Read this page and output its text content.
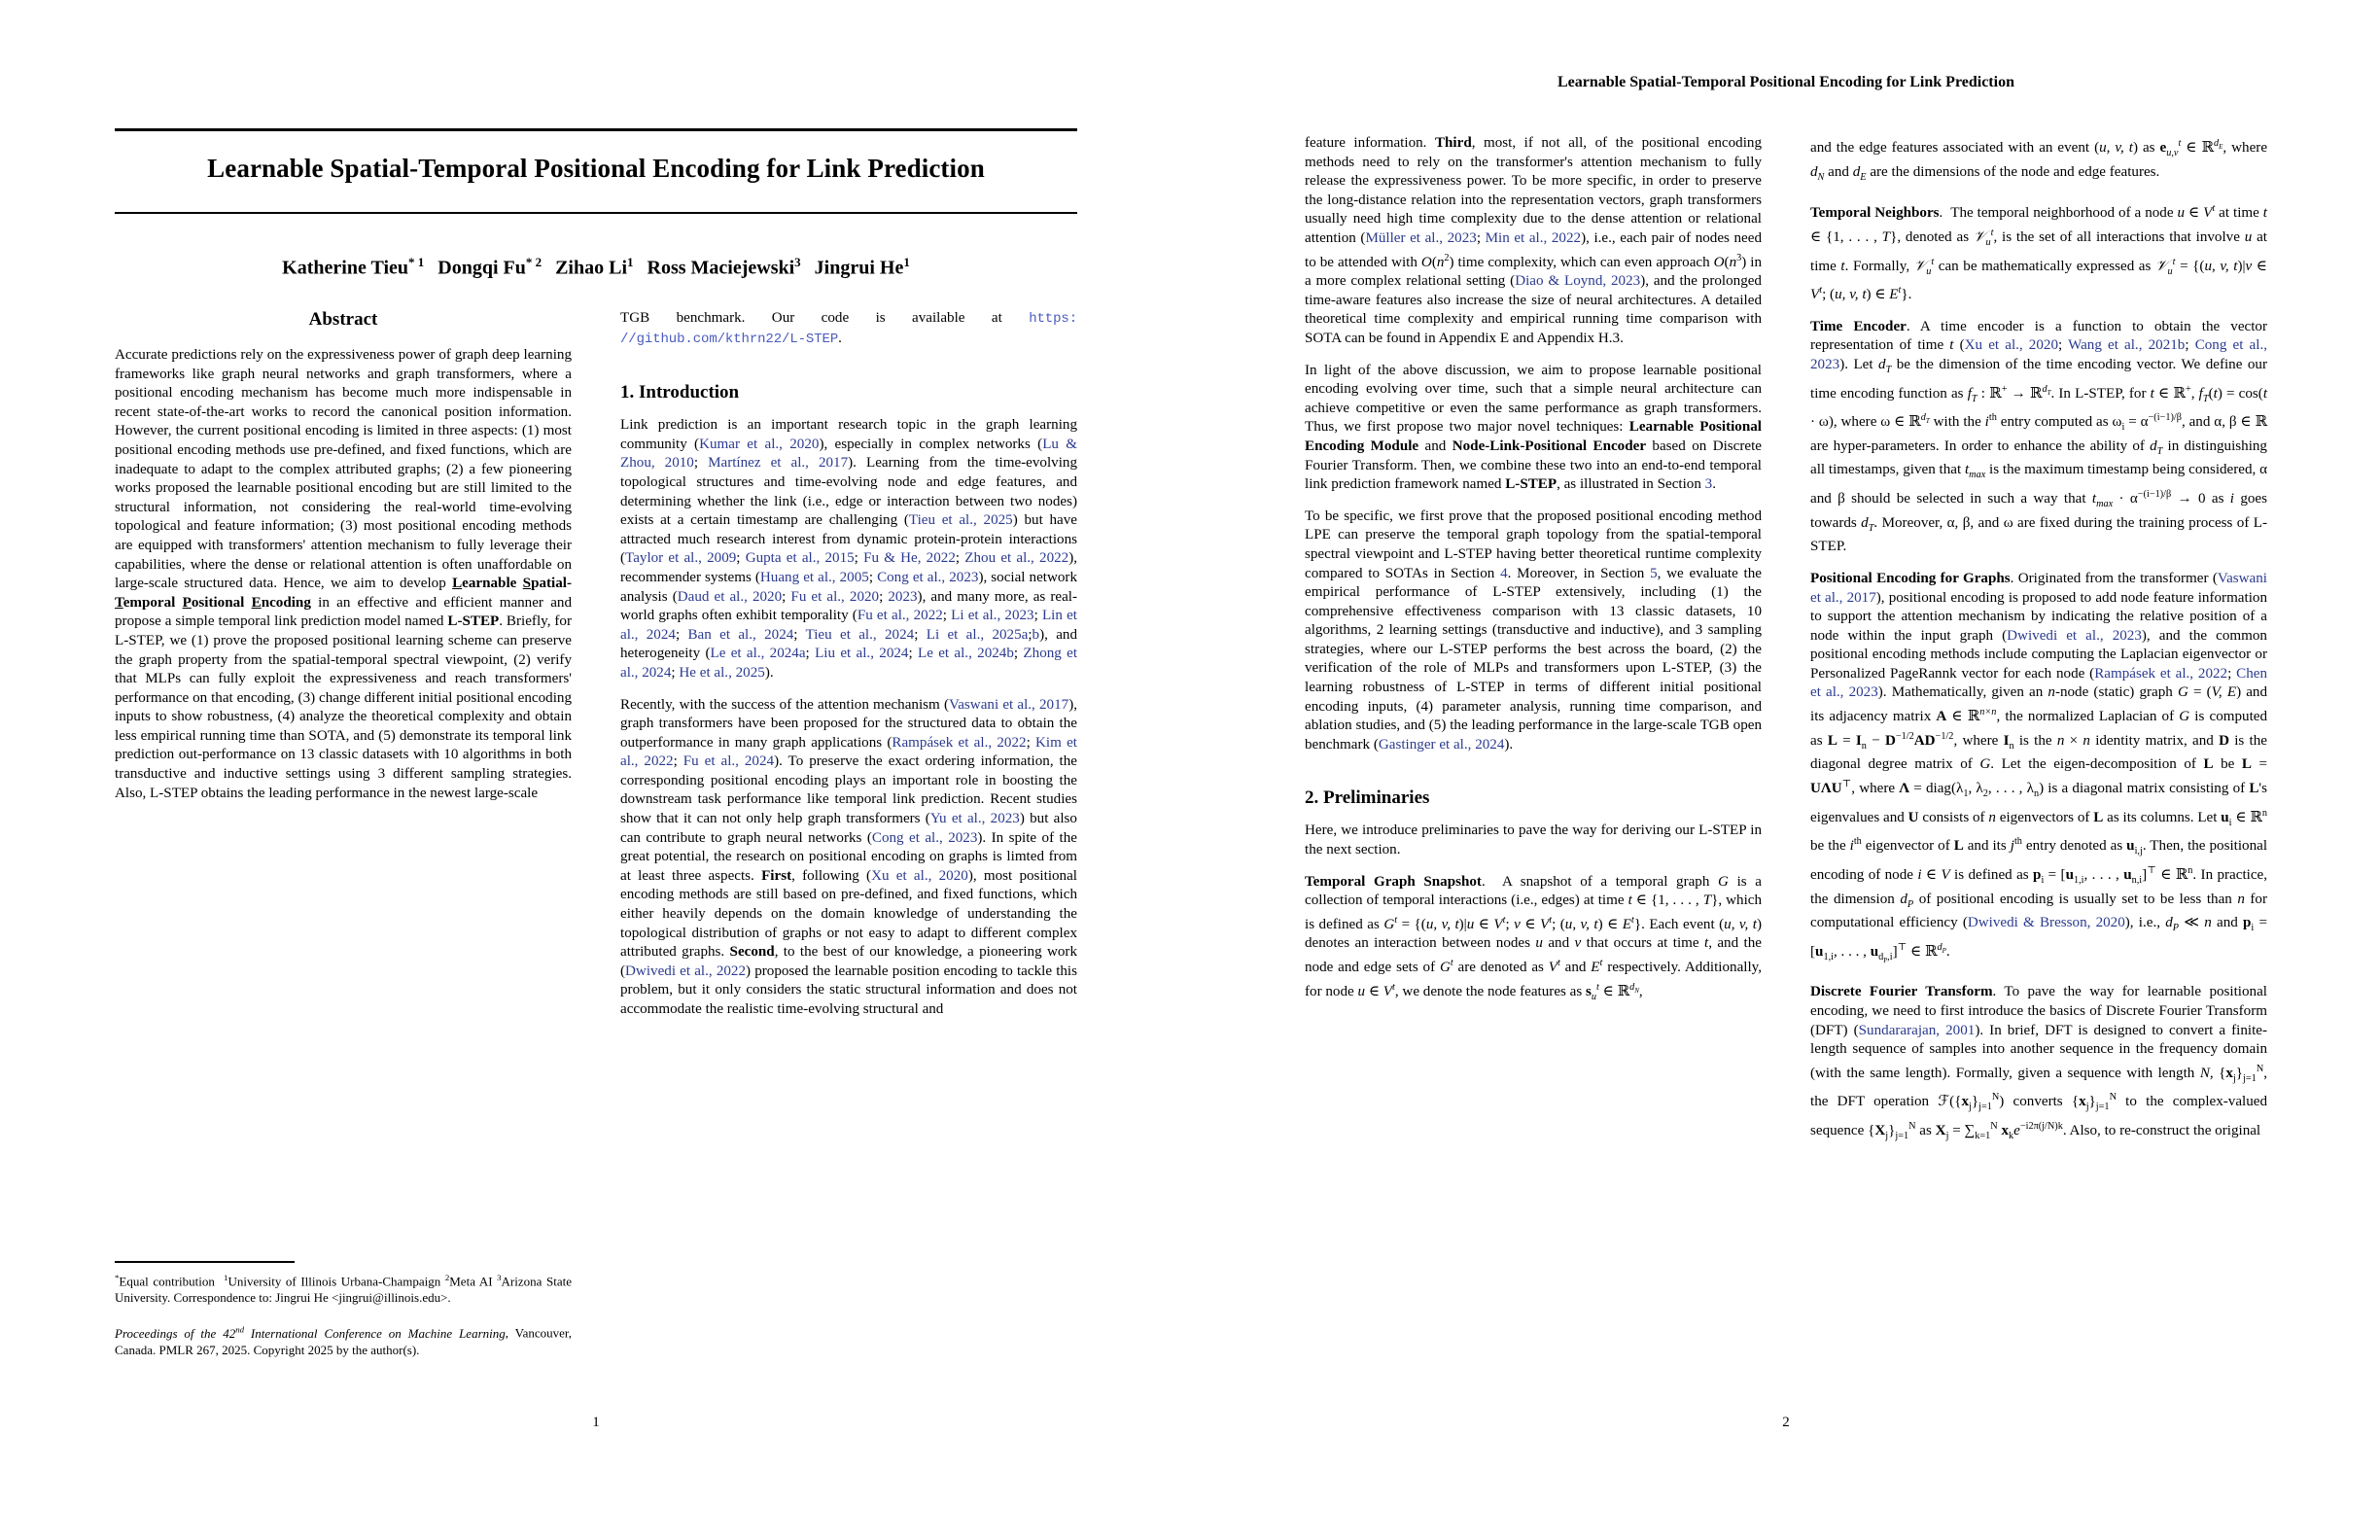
Learnable Spatial-Temporal Positional Encoding for Link Prediction
Katherine Tieu$^{* 1}$ Dongqi Fu$^{* 2}$ Zihao Li$^1$ Ross Maciejewski$^3$ Jingrui He$^1$
Abstract
Accurate predictions rely on the expressiveness power of graph deep learning frameworks like graph neural networks and graph transformers, where a positional encoding mechanism has become much more indispensable in recent state-of-the-art works to record the canonical position information. However, the current positional encoding is limited in three aspects: (1) most positional encoding methods use pre-defined, and fixed functions, which are inadequate to adapt to the complex attributed graphs; (2) a few pioneering works proposed the learnable positional encoding but are still limited to the structural information, not considering the real-world time-evolving topological and feature information; (3) most positional encoding methods are equipped with transformers' attention mechanism to fully leverage their capabilities, where the dense or relational attention is often unaffordable on large-scale structured data. Hence, we aim to develop Learnable Spatial-Temporal Positional Encoding in an effective and efficient manner and propose a simple temporal link prediction model named L-STEP. Briefly, for L-STEP, we (1) prove the proposed positional learning scheme can preserve the graph property from the spatial-temporal spectral viewpoint, (2) verify that MLPs can fully exploit the expressiveness and reach transformers' performance on that encoding, (3) change different initial positional encoding inputs to show robustness, (4) analyze the theoretical complexity and obtain less empirical running time than SOTA, and (5) demonstrate its temporal link prediction out-performance on 13 classic datasets with 10 algorithms in both transductive and inductive settings using 3 different sampling strategies. Also, L-STEP obtains the leading performance in the newest large-scale

TGB benchmark. Our code is available at https: //github.com/kthrn22/L-STEP.

1. Introduction

Link prediction is an important research topic in the graph learning community (Kumar et al., 2020), especially in complex networks (Lu & Zhou, 2010; Martínez et al., 2017). Learning from the time-evolving topological structures and time-evolving node and edge features, and determining whether the link (i.e., edge or interaction between two nodes) exists at a certain timestamp are challenging (Tieu et al., 2025) but have attracted much research interest from dynamic protein-protein interactions (Taylor et al., 2009; Gupta et al., 2015; Fu & He, 2022; Zhou et al., 2022), recommender systems (Huang et al., 2005; Cong et al., 2023), social network analysis (Daud et al., 2020; Fu et al., 2020; 2023), and many more, as real-world graphs often exhibit temporality (Fu et al., 2022; Li et al., 2023; Lin et al., 2024; Ban et al., 2024; Tieu et al., 2024; Li et al., 2025a;b), and heterogeneity (Le et al., 2024a; Liu et al., 2024; Le et al., 2024b; Zhong et al., 2024; He et al., 2025).

Recently, with the success of the attention mechanism (Vaswani et al., 2017), graph transformers have been proposed for the structured data to obtain the outperformance in many graph applications (Rampásek et al., 2022; Kim et al., 2022; Fu et al., 2024). To preserve the exact ordering information, the corresponding positional encoding plays an important role in boosting the downstream task performance like temporal link prediction. Recent studies show that it can not only help graph transformers (Yu et al., 2023) but also can contribute to graph neural networks (Cong et al., 2023). In spite of the great potential, the research on positional encoding on graphs is limted from at least three aspects. First, following (Xu et al., 2020), most positional encoding methods are still based on pre-defined, and fixed functions, which either heavily depends on the domain knowledge of understanding the topological distribution of graphs or not easy to adapt to different complex attributed graphs. Second, to the best of our knowledge, a pioneering work (Dwivedi et al., 2022) proposed the learnable position encoding to tackle this problem, but it only considers the static structural information and does not accommodate the realistic time-evolving structural and

*Equal contribution  $^1$University of Illinois Urbana-Champaign $^2$Meta AI $^3$Arizona State University. Correspondence to: Jingrui He <jingrui@illinois.edu>.
Proceedings of the 42nd International Conference on Machine Learning, Vancouver, Canada. PMLR 267, 2025. Copyright 2025 by the author(s).
1
Learnable Spatial-Temporal Positional Encoding for Link Prediction

feature information. Third, most, if not all, of the positional encoding methods need to rely on the transformer's attention mechanism to fully release the expressiveness power. To be more specific, in order to preserve the long-distance relation into the representation vectors, graph transformers usually need high time complexity due to the dense attention or relational attention (Müller et al., 2023; Min et al., 2022), i.e., each pair of nodes need to be attended with $O(n^2)$ time complexity, which can even approach $O(n^3)$ in a more complex relational setting (Diao & Loynd, 2023), and the prolonged time-aware features also increase the size of neural architectures. A detailed theoretical time complexity and empirical running time comparison with SOTA can be found in Appendix E and Appendix H.3.

In light of the above discussion, we aim to propose learnable positional encoding evolving over time, such that a simple neural architecture can achieve competitive or even the same performance as graph transformers. Thus, we first propose two major novel techniques: Learnable Positional Encoding Module and Node-Link-Positional Encoder based on Discrete Fourier Transform. Then, we combine these two into an end-to-end temporal link prediction framework named L-STEP, as illustrated in Section 3.

To be specific, we first prove that the proposed positional encoding method LPE can preserve the temporal graph topology from the spatial-temporal spectral viewpoint and L-STEP having better theoretical runtime complexity compared to SOTAs in Section 4. Moreover, in Section 5, we evaluate the empirical performance of L-STEP extensively, including (1) the comprehensive effectiveness comparison with 13 classic datasets, 10 algorithms, 2 learning settings (transductive and inductive), and 3 sampling strategies, where our L-STEP performs the best across the board, (2) the verification of the role of MLPs and transformers upon L-STEP, (3) the learning robustness of L-STEP in terms of different initial positional encoding inputs, (4) parameter analysis, running time comparison, and ablation studies, and (5) the leading performance in the large-scale TGB open benchmark (Gastinger et al., 2024).

2. Preliminaries

Here, we introduce preliminaries to pave the way for deriving our L-STEP in the next section.

Temporal Graph Snapshot.  A snapshot of a temporal graph G is a collection of temporal interactions (i.e., edges) at time t ∈ {1, . . . , T}, which is defined as $G^t = \{(u$, v, t)|u ∈ $V^t$; v ∈ $V^t$; (u, v, t) ∈ $E^t$}. Each event (u, v, t) denotes an interaction between nodes u and v that occurs at time t, and the node and edge sets of $G^t$ are denoted as $V^t$ and $E^t$ respectively. Additionally, for node u ∈ $V^t$, we denote the node features as $s_u^t$ ∈ ℝ$^{d_N}$,

and the edge features associated with an event (u, v, t) as $e_{u,v}^t$ ∈ ℝ$^{d_E}$, where $d_N$ and $d_E$ are the dimensions of the node and edge features.

Temporal Neighbors.  The temporal neighborhood of a node u ∈ $V^t$ at time t ∈ {1, . . . , T}, denoted as 𝒱$_u^t$, is the set of all interactions that involve u at time t. Formally, 𝒱$_u^t$ can be mathematically expressed as 𝒱$_u^t$ = {(u, v, t)|v ∈ $V^t$; (u, v, t) ∈ $E^t$}.

Time Encoder. A time encoder is a function to obtain the vector representation of time t (Xu et al., 2020; Wang et al., 2021b; Cong et al., 2023). Let $d_T$ be the dimension of the time encoding vector. We define our time encoding function as $f_T$ : ℝ+ → ℝ$^{d_T}$. In L-STEP, for t ∈ ℝ+, $f_T(t) = \cos(t \cdot \omega)$, where ω ∈ ℝ$^{d_T}$ with the $i^{th}$ entry computed as $\omega_i = \alpha^{-(i-1)/\beta}$, and α, β ∈ ℝ are hyper-parameters. In order to enhance the ability of $d_T$ in distinguishing all timestamps, given that $t_{max}$ is the maximum timestamp being considered, α and β should be selected in such a way that $t_{max} \cdot \alpha^{-(i-1)/\beta} \to 0$ as i goes towards $d_T$. Moreover, α, β, and ω are fixed during the training process of L-STEP.

Positional Encoding for Graphs. Originated from the transformer (Vaswani et al., 2017), positional encoding is proposed to add node feature information to support the attention mechanism by indicating the relative position of a node within the input graph (Dwivedi et al., 2023), and the common positional encoding methods include computing the Laplacian eigenvector or Personalized PageRannk vector for each node (Rampásek et al., 2022; Chen et al., 2023). Mathematically, given an n-node (static) graph G = (V, E) and its adjacency matrix A ∈ ℝ$^{n\times n}$, the normalized Laplacian of G is computed as $L = I_n - D^{-1/2}AD^{-1/2}$, where $I_n$ is the n × n identity matrix, and D is the diagonal degree matrix of G. Let the eigen-decomposition of L be L = UΛU⊤, where $\Lambda = diag(\lambda_1$, $\lambda_2$, . . . , $\lambda_n$) is a diagonal matrix consisting of L's eigenvalues and U consists of n eigenvectors of L as its columns. Let $u_i$ ∈ ℝ$^n$ be the $i^{th}$ eigenvector of L and its $j^{th}$ entry denoted as $u_{i,j}$. Then, the positional encoding of node i ∈ V is defined as $p_i = [u_{1,i}$, . . . , $u_{n,i}]^⊤$ ∈ ℝ$^n$. In practice, the dimension $d_P$ of positional encoding is usually set to be less than n for computational efficiency (Dwivedi & Bresson, 2020), i.e., $d_P$ ≪ n and $p_i = [u_{1,i}$, . . . , $u_{d_P,i}]^⊤$ ∈ ℝ$^{d_P}$.

Discrete Fourier Transform. To pave the way for learnable positional encoding, we need to first introduce the basics of Discrete Fourier Transform (DFT) (Sundararajan, 2001). In brief, DFT is designed to convert a finite-length sequence of samples into another sequence in the frequency domain (with the same length). Formally, given a sequence with length N, $\{x_j\}_{j=1}^N$, the DFT operation $ℱ(\{x_j\}_{j=1}^N)$ converts $\{x_j\}_{j=1}^N$ to the complex-valued sequence $\{X_j\}_{j=1}^N$ as $X_j = \sum_{k=1}^N$ $x_ke^{-i2\pi(j/N)k}$. Also, to re-construct the original

2
